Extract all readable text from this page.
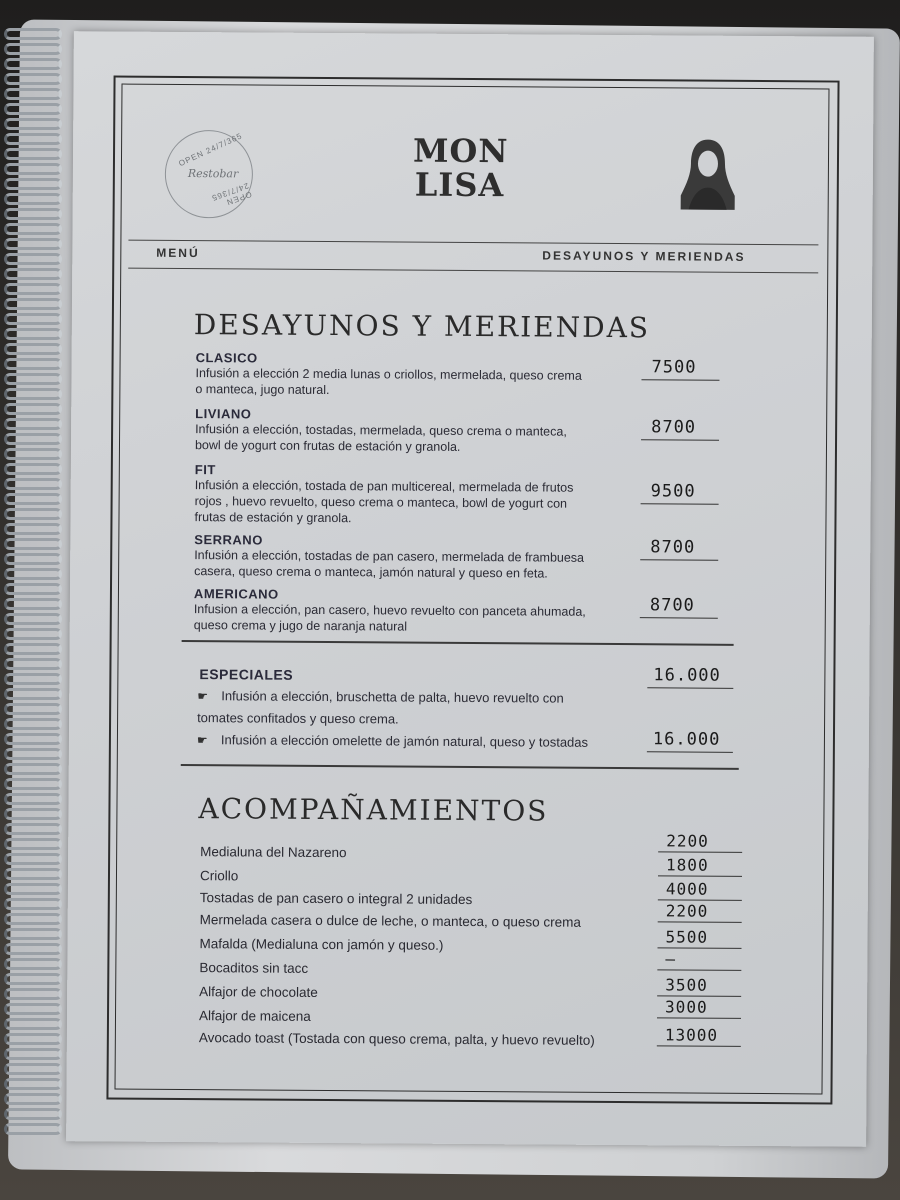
OPEN 24/7/365
Restobar
OPEN 24/7/365
MON
LISA
MENÚ	DESAYUNOS Y MERIENDAS
DESAYUNOS Y MERIENDAS
CLASICO
Infusión a elección 2 media lunas o criollos, mermelada, queso crema
o manteca, jugo natural.
7500
LIVIANO
Infusión a elección, tostadas, mermelada, queso crema o manteca,
bowl de yogurt con frutas de estación y granola.
8700
FIT
Infusión a elección, tostada de pan multicereal, mermelada de frutos
rojos , huevo revuelto, queso crema o manteca, bowl de yogurt con
frutas de estación y granola.
9500
SERRANO
Infusión a elección, tostadas de pan casero, mermelada de frambuesa
casera, queso crema o manteca, jamón natural y queso en feta.
8700
AMERICANO
Infusion a elección, pan casero, huevo revuelto con panceta ahumada,
queso crema y jugo de naranja natural
8700
ESPECIALES
☛ Infusión a elección, bruschetta de palta, huevo revuelto con
tomates confitados y queso crema.
16.000
☛ Infusión a elección omelette de jamón natural, queso y tostadas	16.000
ACOMPAÑAMIENTOS
Medialuna del Nazareno
2200
Criollo
1800
Tostadas de pan casero o integral 2 unidades	4000
Mermelada casera o dulce de leche, o manteca, o queso crema
2200
Mafalda (Medialuna con jamón y queso.)	5500
Bocaditos sin tacc	—
Alfajor de chocolate	3500
Alfajor de maicena	3000
Avocado toast (Tostada con queso crema, palta, y huevo revuelto)	13000
